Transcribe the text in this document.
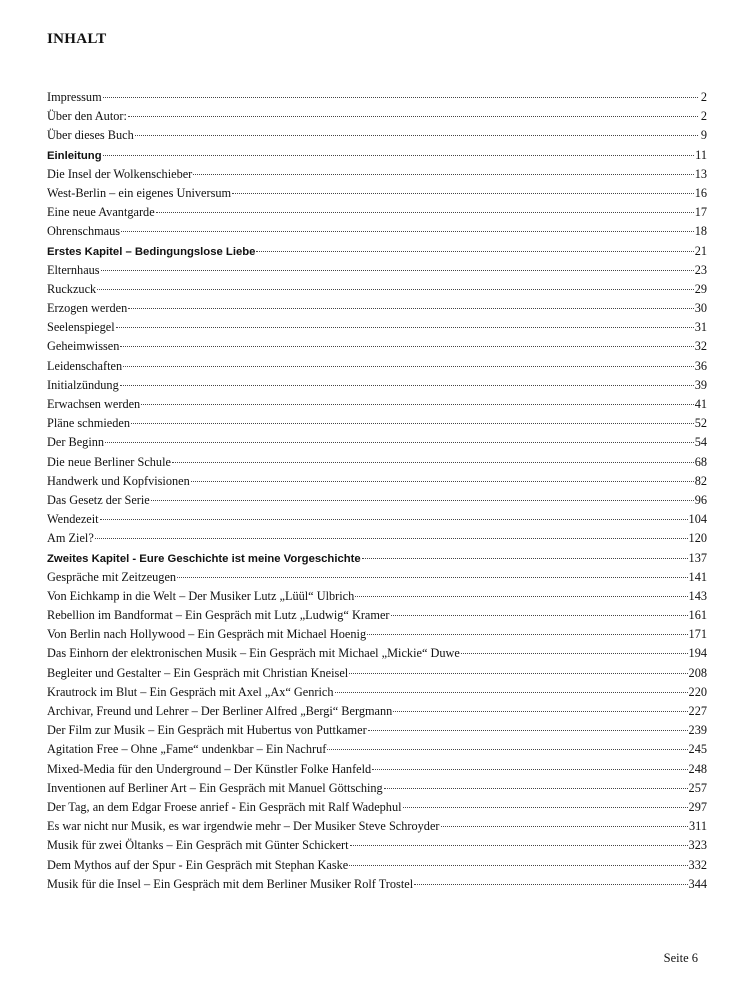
INHALT
Impressum	2
Über den Autor:	2
Über dieses Buch	9
Einleitung	11
Die Insel der Wolkenschieber	13
West-Berlin – ein eigenes Universum	16
Eine neue Avantgarde	17
Ohrenschmaus	18
Erstes Kapitel – Bedingungslose Liebe	21
Elternhaus	23
Ruckzuck	29
Erzogen werden	30
Seelenspiegel	31
Geheimwissen	32
Leidenschaften	36
Initialzündung	39
Erwachsen werden	41
Pläne schmieden	52
Der Beginn	54
Die neue Berliner Schule	68
Handwerk und Kopfvisionen	82
Das Gesetz der Serie	96
Wendezeit	104
Am Ziel?	120
Zweites Kapitel - Eure Geschichte ist meine Vorgeschichte	137
Gespräche mit Zeitzeugen	141
Von Eichkamp in die Welt – Der Musiker Lutz „Lüül“ Ulbrich	143
Rebellion im Bandformat – Ein Gespräch mit Lutz „Ludwig“ Kramer	161
Von Berlin nach Hollywood – Ein Gespräch mit Michael Hoenig	171
Das Einhorn der elektronischen Musik – Ein Gespräch mit Michael „Mickie“ Duwe	194
Begleiter und Gestalter – Ein Gespräch mit Christian Kneisel	208
Krautrock im Blut – Ein Gespräch mit Axel „Ax“ Genrich	220
Archivar, Freund und Lehrer – Der Berliner Alfred „Bergi“ Bergmann	227
Der Film zur Musik – Ein Gespräch mit Hubertus von Puttkamer	239
Agitation Free – Ohne „Fame“ undenkbar – Ein Nachruf	245
Mixed-Media für den Underground – Der Künstler Folke Hanfeld	248
Inventionen auf Berliner Art – Ein Gespräch mit Manuel Göttsching	257
Der Tag, an dem Edgar Froese anrief - Ein Gespräch mit Ralf Wadephul	297
Es war nicht nur Musik, es war irgendwie mehr – Der Musiker Steve Schroyder	311
Musik für zwei Öltanks – Ein Gespräch mit Günter Schickert	323
Dem Mythos auf der Spur - Ein Gespräch mit Stephan Kaske	332
Musik für die Insel – Ein Gespräch mit dem Berliner Musiker Rolf Trostel	344
Seite 6
